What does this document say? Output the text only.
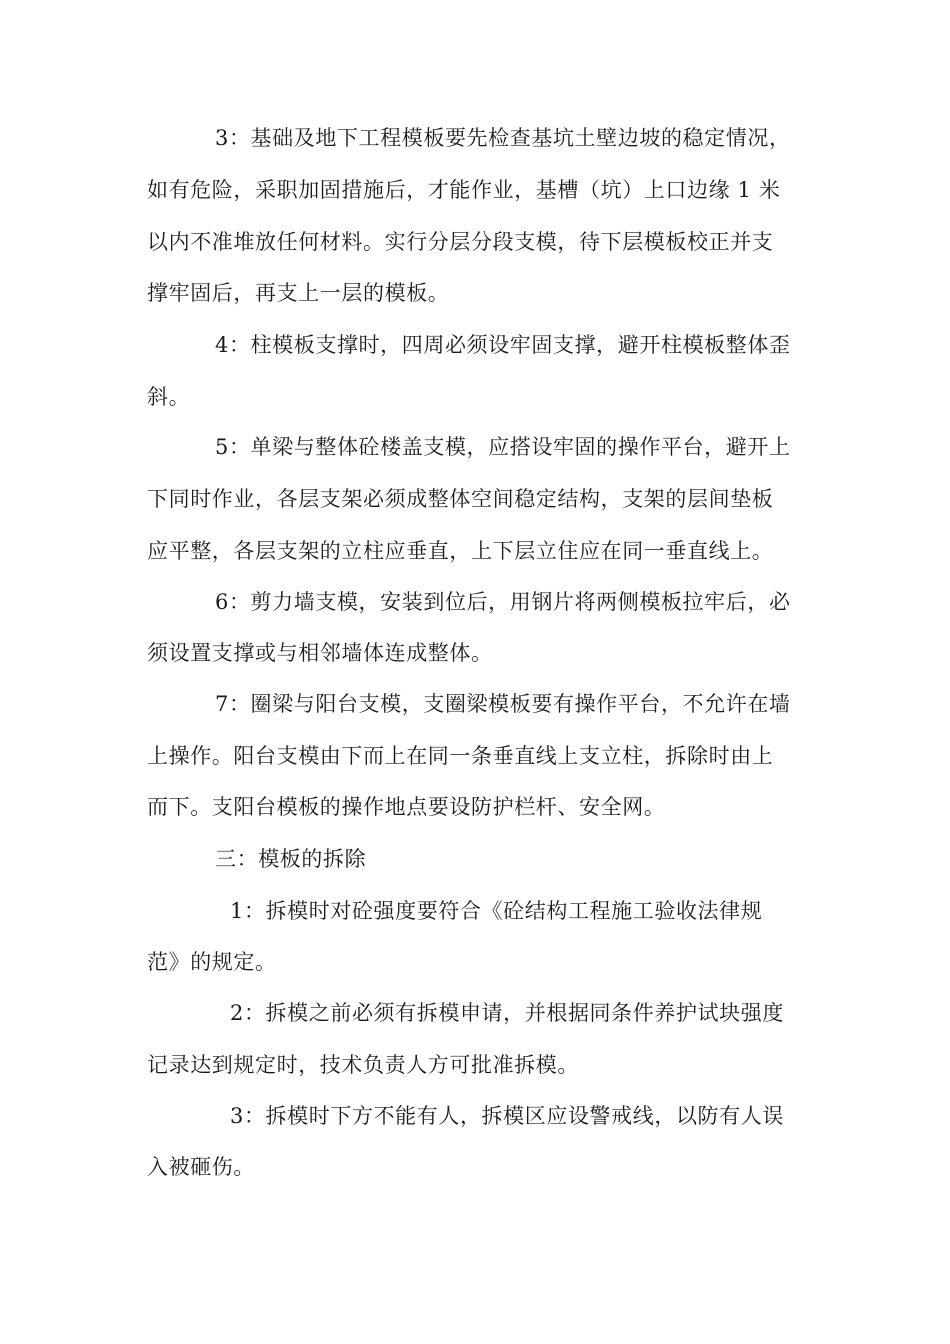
3：基础及地下工程模板要先检查基坑土壁边坡的稳定情况，
如有危险，采职加固措施后，才能作业，基槽（坑）上口边缘 1 米
以内不准堆放任何材料。实行分层分段支模，待下层模板校正并支
撑牢固后，再支上一层的模板。
4：柱模板支撑时，四周必须设牢固支撑，避开柱模板整体歪
斜。
5：单梁与整体砼楼盖支模，应搭设牢固的操作平台，避开上
下同时作业，各层支架必须成整体空间稳定结构，支架的层间垫板
应平整，各层支架的立柱应垂直，上下层立住应在同一垂直线上。
6：剪力墙支模，安装到位后，用钢片将两侧模板拉牢后，必
须设置支撑或与相邻墙体连成整体。
7：圈梁与阳台支模，支圈梁模板要有操作平台，不允许在墙
上操作。阳台支模由下而上在同一条垂直线上支立柱，拆除时由上
而下。支阳台模板的操作地点要设防护栏杆、安全网。
三：模板的拆除
1：拆模时对砼强度要符合《砼结构工程施工验收法律规
范》的规定。
2：拆模之前必须有拆模申请，并根据同条件养护试块强度
记录达到规定时，技术负责人方可批准拆模。
3：拆模时下方不能有人，拆模区应设警戒线，以防有人误
入被砸伤。
